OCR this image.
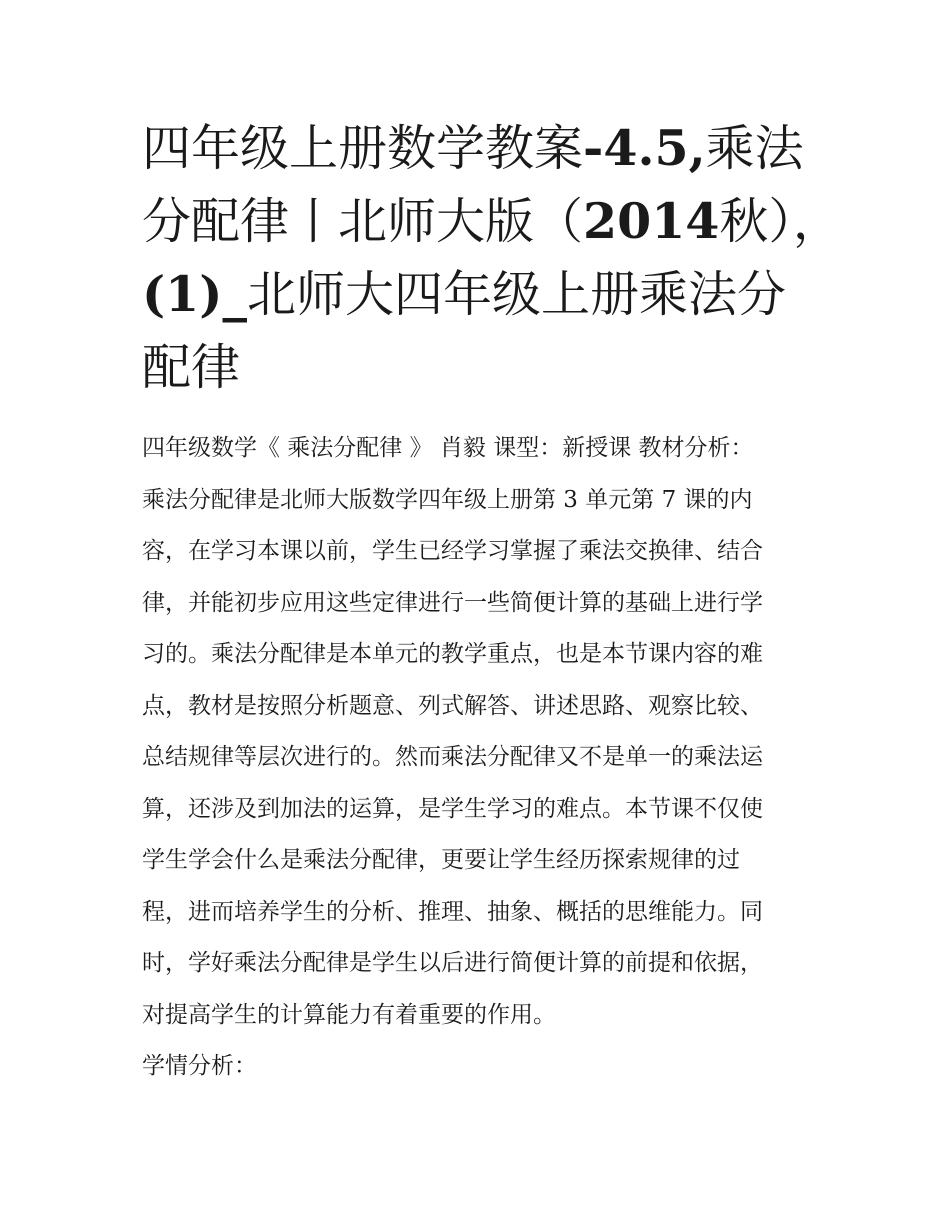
四年级上册数学教案-4.5,乘法
分配律丨北师大版（2014秋），
(1)_北师大四年级上册乘法分
配律
四年级数学《 乘法分配律 》 肖毅 课型：新授课 教材分析：
乘法分配律是北师大版数学四年级上册第 3 单元第 7 课的内
容，在学习本课以前，学生已经学习掌握了乘法交换律、结合
律，并能初步应用这些定律进行一些简便计算的基础上进行学
习的。乘法分配律是本单元的教学重点，也是本节课内容的难
点，教材是按照分析题意、列式解答、讲述思路、观察比较、
总结规律等层次进行的。然而乘法分配律又不是单一的乘法运
算，还涉及到加法的运算，是学生学习的难点。本节课不仅使
学生学会什么是乘法分配律，更要让学生经历探索规律的过
程，进而培养学生的分析、推理、抽象、概括的思维能力。同
时，学好乘法分配律是学生以后进行简便计算的前提和依据，
对提高学生的计算能力有着重要的作用。
学情分析：
